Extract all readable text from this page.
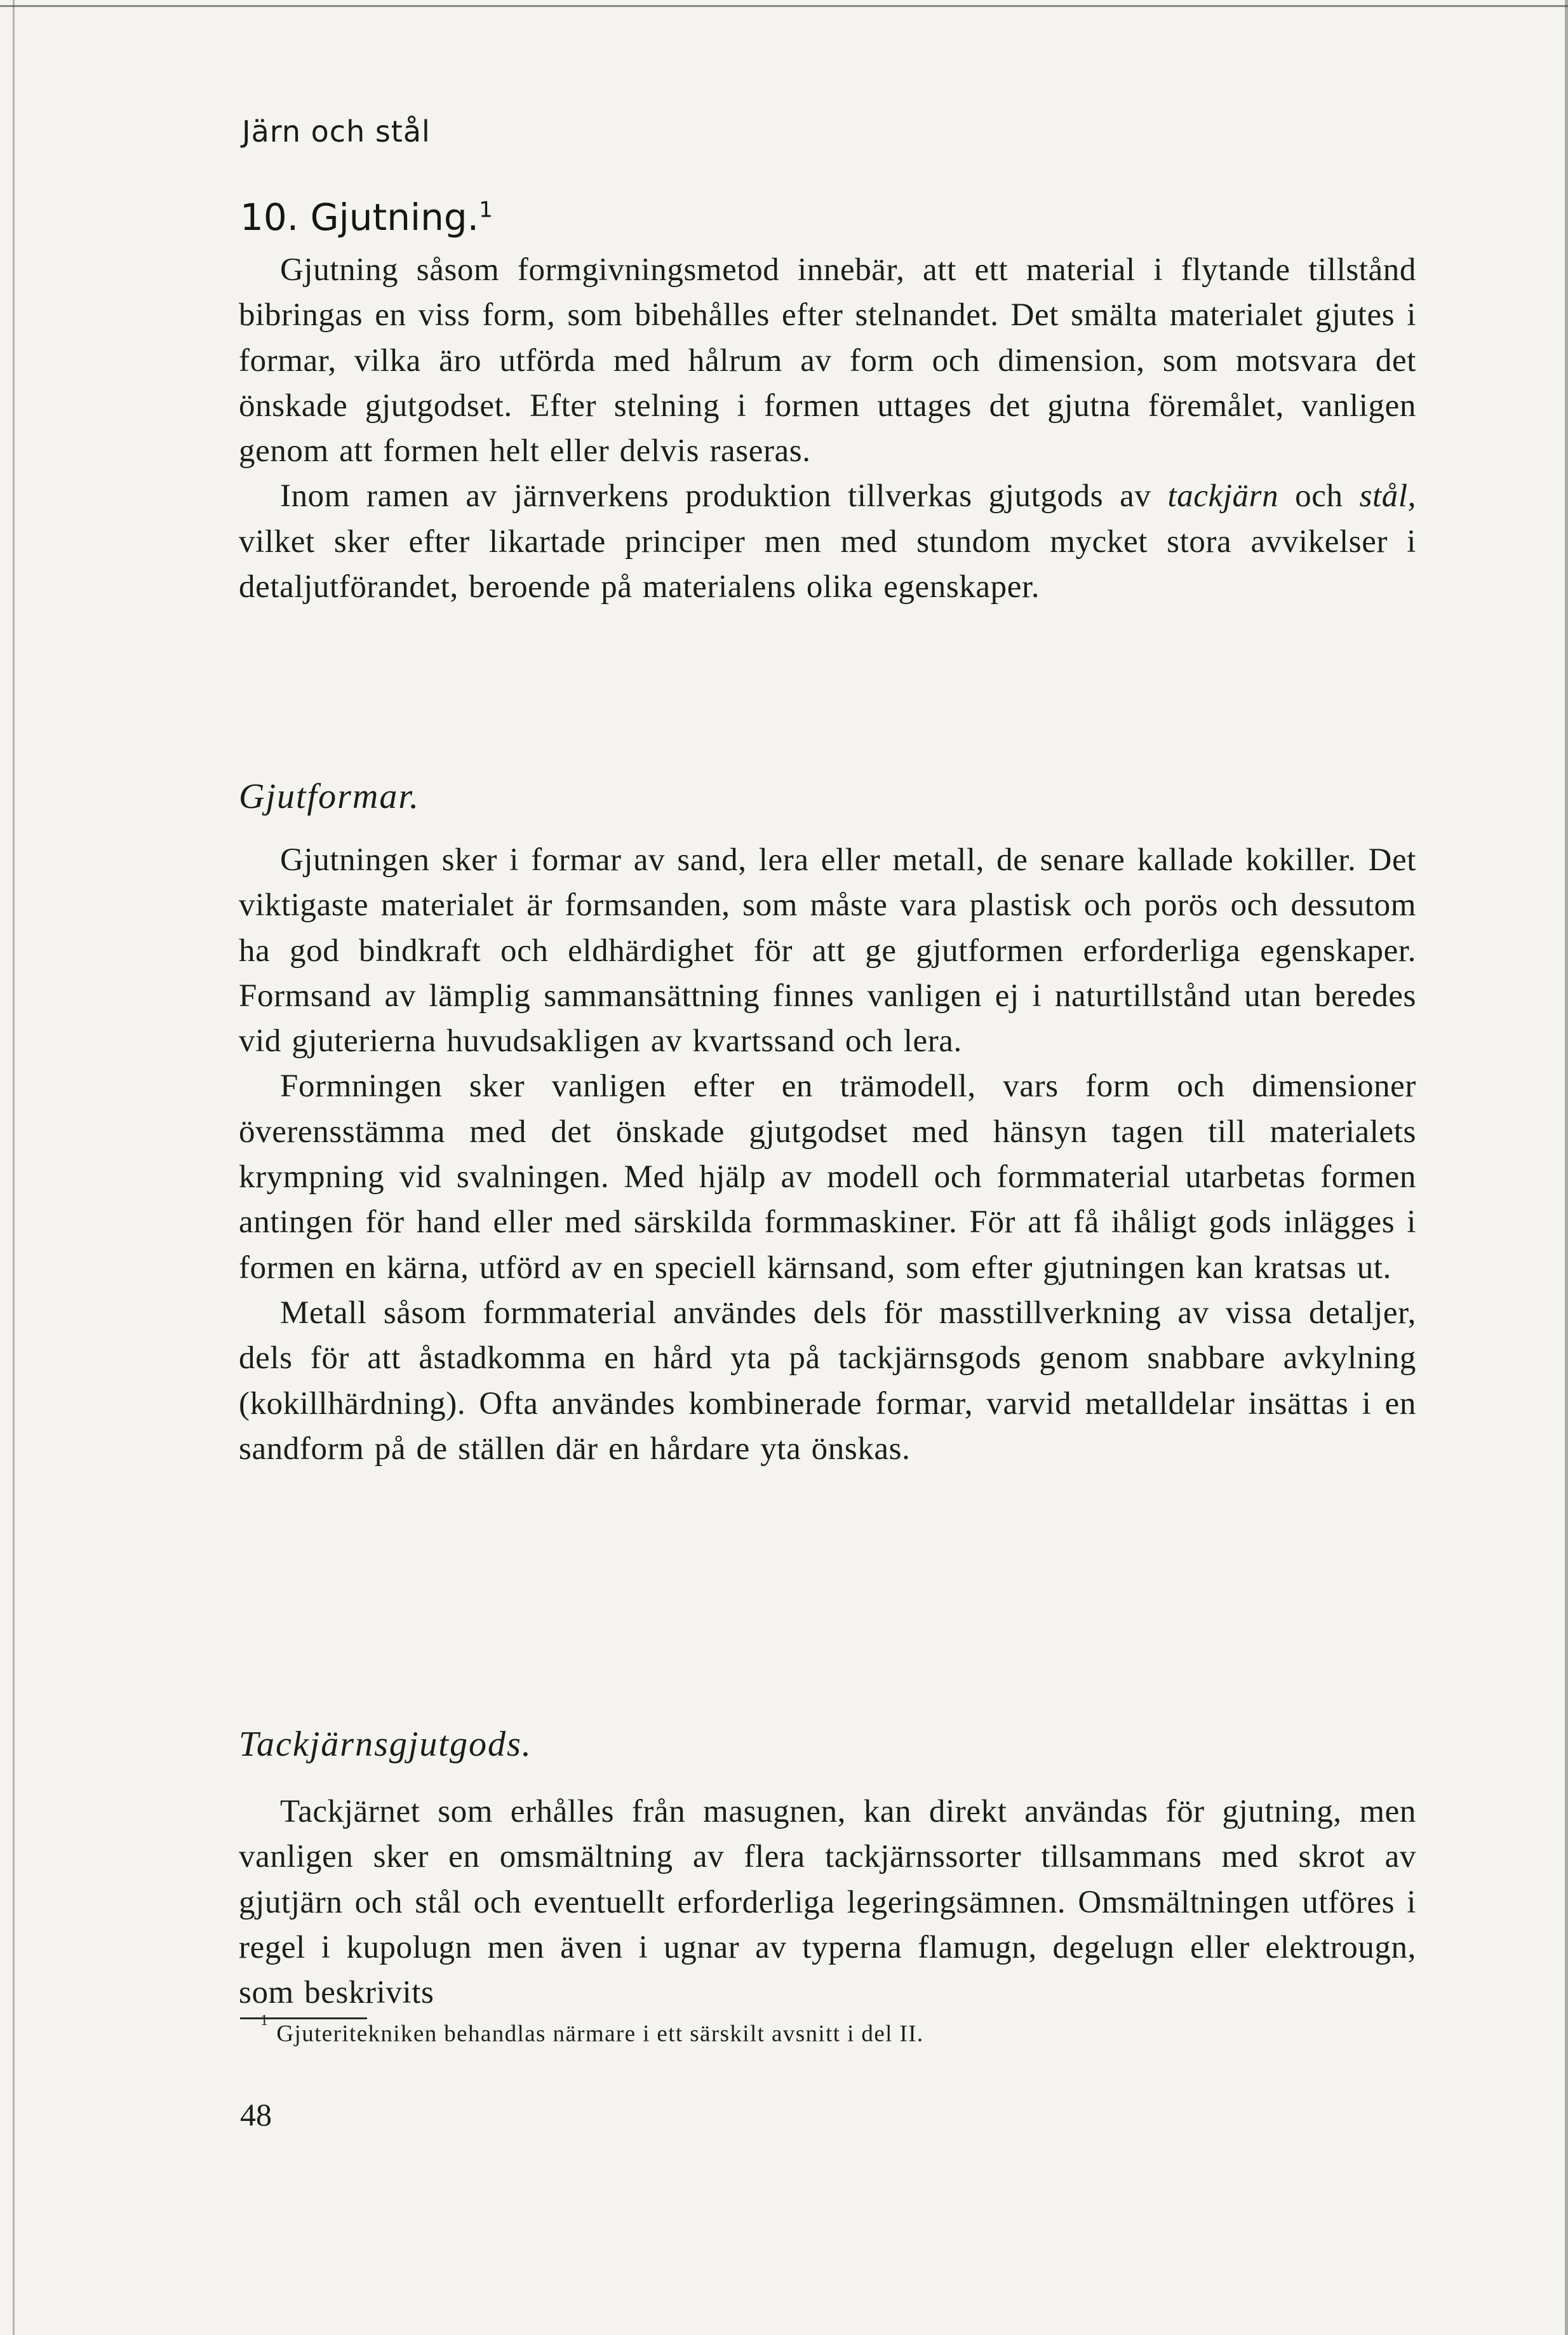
Järn och stål
10. Gjutning.$^1$

Gjutning såsom formgivningsmetod innebär, att ett material i flytande tillstånd bibringas en viss form, som bibehålles efter stelnandet. Det smälta materialet gjutes i formar, vilka äro utförda med hålrum av form och dimension, som motsvara det önskade gjutgodset. Efter stelning i formen uttages det gjutna föremålet, vanligen genom att formen helt eller delvis raseras.

Inom ramen av järnverkens produktion tillverkas gjutgods av tackjärn och stål, vilket sker efter likartade principer men med stundom mycket stora avvikelser i detaljutförandet, beroende på materialens olika egenskaper.

Gjutformar.

Gjutningen sker i formar av sand, lera eller metall, de senare kallade kokiller. Det viktigaste materialet är formsanden, som måste vara plastisk och porös och dessutom ha god bindkraft och eldhärdighet för att ge gjutformen erforderliga egenskaper. Formsand av lämplig sammansättning finnes vanligen ej i naturtillstånd utan beredes vid gjuterierna huvudsakligen av kvartssand och lera.

Formningen sker vanligen efter en trämodell, vars form och dimensioner överensstämma med det önskade gjutgodset med hänsyn tagen till materialets krympning vid svalningen. Med hjälp av modell och formmaterial utarbetas formen antingen för hand eller med särskilda formmaskiner. För att få ihåligt gods inlägges i formen en kärna, utförd av en speciell kärnsand, som efter gjutningen kan kratsas ut.

Metall såsom formmaterial användes dels för masstillverkning av vissa detaljer, dels för att åstadkomma en hård yta på tackjärnsgods genom snabbare avkylning (kokillhärdning). Ofta användes kombinerade formar, varvid metalldelar insättas i en sandform på de ställen där en hårdare yta önskas.

Tackjärnsgjutgods.

Tackjärnet som erhålles från masugnen, kan direkt användas för gjutning, men vanligen sker en omsmältning av flera tackjärnssorter tillsammans med skrot av gjutjärn och stål och eventuellt erforderliga legeringsämnen. Omsmältningen utföres i regel i kupolugn men även i ugnar av typerna flamugn, degelugn eller elektrougn, som beskrivits

$^1$Gjuteritekniken behandlas närmare i ett särskilt avsnitt i del II.
48
